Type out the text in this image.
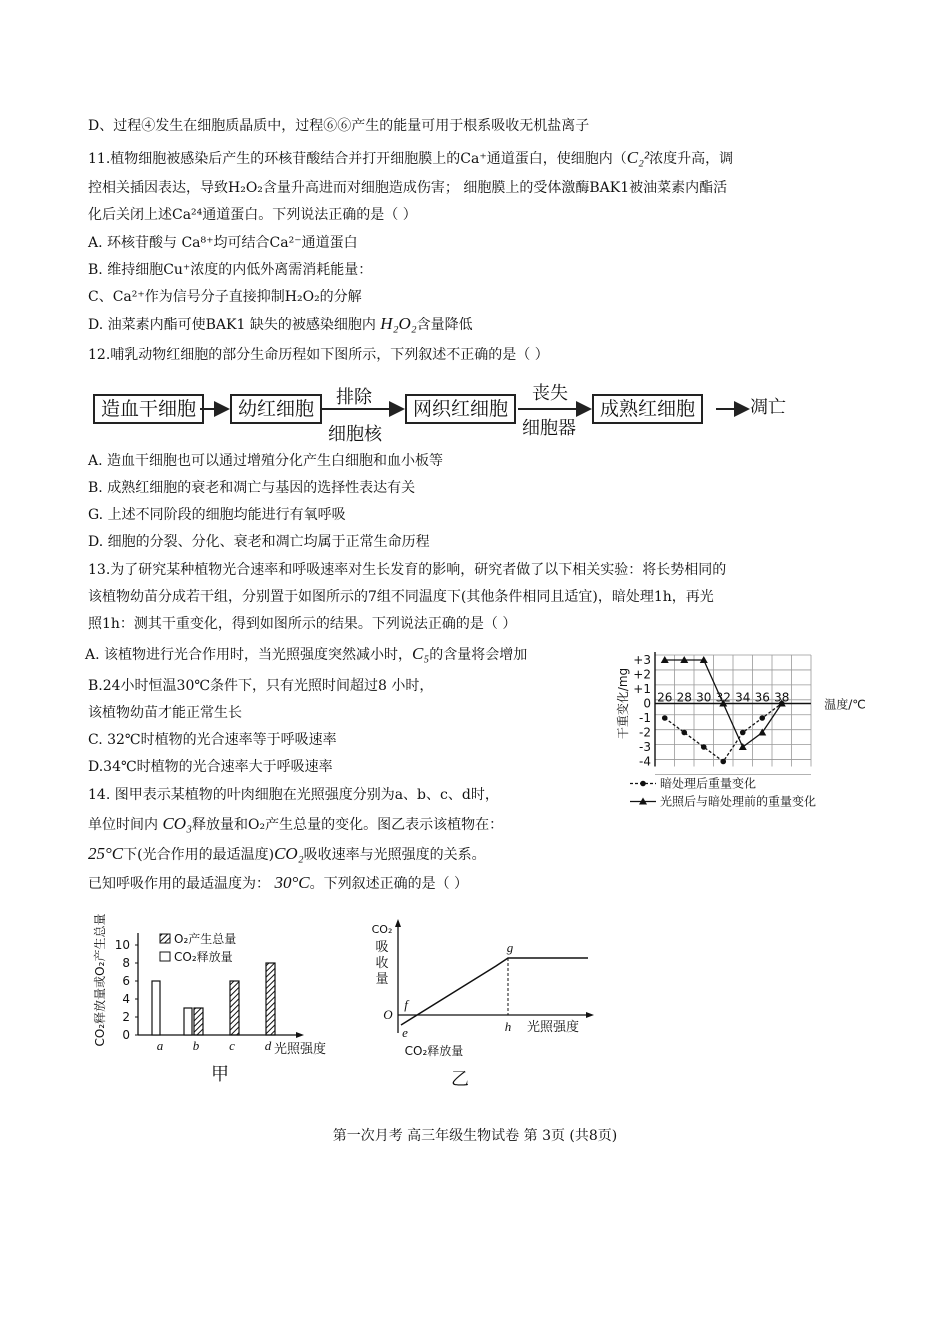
D、过程④发生在细胞质晶质中，过程⑥⑥产生的能量可用于根系吸收无机盐离子
11.植物细胞被感染后产生的环核苷酸结合并打开细胞膜上的Ca⁺通道蛋白，使细胞内（C₂²浓度升高，调
控相关插因表达，导致H₂O₂含量升高进而对细胞造成伤害； 细胞膜上的受体激酶BAK1被油菜素内酯活
化后关闭上述Ca²⁴通道蛋白。下列说法正确的是（ ）
A. 环核苷酸与 Ca⁸⁺均可结合Ca²⁻通道蛋白
B. 维持细胞Cu⁺浓度的内低外离需消耗能量：
C、Ca²⁺作为信号分子直接抑制H₂O₂的分解
D. 油菜素内酯可使BAK1 缺失的被感染细胞内 H₂O₂含量降低
12.哺乳动物红细胞的部分生命历程如下图所示，下列叙述不正确的是（ ）
造血干细胞	幼红细胞	网织红细胞	成熟红细胞	凋亡
排除
细胞核
丧失
细胞器
A. 造血干细胞也可以通过增殖分化产生白细胞和血小板等
B. 成熟红细胞的衰老和凋亡与基因的选择性表达有关
G. 上述不同阶段的细胞均能进行有氧呼吸
D. 细胞的分裂、分化、衰老和凋亡均属于正常生命历程
13.为了研究某种植物光合速率和呼吸速率对生长发育的影响，研究者做了以下相关实验：将长势相同的
该植物幼苗分成若干组，分别置于如图所示的7组不同温度下(其他条件相同且适宜)，暗处理1h，再光
照1h：测其干重变化，得到如图所示的结果。下列说法正确的是（ ）
A. 该植物进行光合作用时，当光照强度突然减小时，C₅的含量将会增加
B.24小时恒温30℃条件下，只有光照时间超过8 小时，
该植物幼苗才能正常生长
C. 32℃时植物的光合速率等于呼吸速率
D.34℃时植物的光合速率大于呼吸速率
14. 图甲表示某植物的叶肉细胞在光照强度分别为a、b、c、d时，
单位时间内 CO₃释放量和O₂产生总量的变化。图乙表示该植物在：
25°C下(光合作用的最适温度)CO₂吸收速率与光照强度的关系。
已知呼吸作用的最适温度为： 30°C。下列叙述正确的是（ ）
+3
+2
+1
0
-1
-2
-3
-4
26 28 30 32 34 36 38	温度/℃
干重变化/mg
暗处理后重量变化
光照后与暗处理前的重量变化
0
2
4
6
8
10
a b c d 光照强度
CO₂释放量或O₂产生总量	O₂产生总量
CO₂释放量
甲
O
e
f
g
h
CO₂
吸
收
量
光照强度
CO₂释放量
乙
第一次月考 高三年级生物试卷 第 3页 (共8页)
